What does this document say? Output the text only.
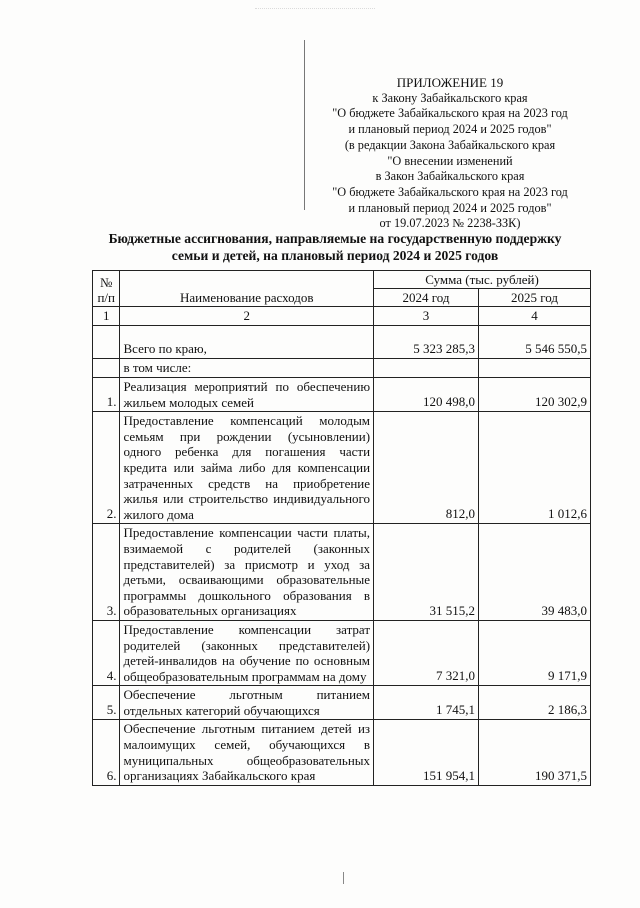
ПРИЛОЖЕНИЕ 19
к Закону Забайкальского края
"О бюджете Забайкальского края на 2023 год
и плановый период 2024 и 2025 годов"
(в редакции Закона Забайкальского края
"О внесении изменений
в Закон Забайкальского края
"О бюджете Забайкальского края на 2023 год
и плановый период 2024 и 2025 годов"
от 19.07.2023 № 2238-ЗЗК)
Бюджетные ассигнования, направляемые на государственную поддержку
семьи и детей, на плановый период 2024 и 2025 годов
№ п/п	Наименование расходов	Сумма (тыс. рублей)	
		2024 год	2025 год
1	2	3	4
	Всего по краю,	5 323 285,3	5 546 550,5
	в том числе:		
1.	Реализация мероприятий по обеспечению жильем молодых семей	120 498,0	120 302,9
2.	Предоставление компенсаций молодым семьям при рождении (усыновлении) одного ребенка для погашения части кредита или займа либо для компенсации затраченных средств на приобретение жилья или строительство индивидуального жилого дома	812,0	1 012,6
3.	Предоставление компенсации части платы, взимаемой с родителей (законных представителей) за присмотр и уход за детьми, осваивающими образовательные программы дошкольного образования в образовательных организациях	31 515,2	39 483,0
4.	Предоставление компенсации затрат родителей (законных представителей) детей-инвалидов на обучение по основным общеобразовательным программам на дому	7 321,0	9 171,9
5.	Обеспечение льготным питанием отдельных категорий обучающихся	1 745,1	2 186,3
6.	Обеспечение льготным питанием детей из малоимущих семей, обучающихся в муниципальных общеобразовательных организациях Забайкальского края	151 954,1	190 371,5
